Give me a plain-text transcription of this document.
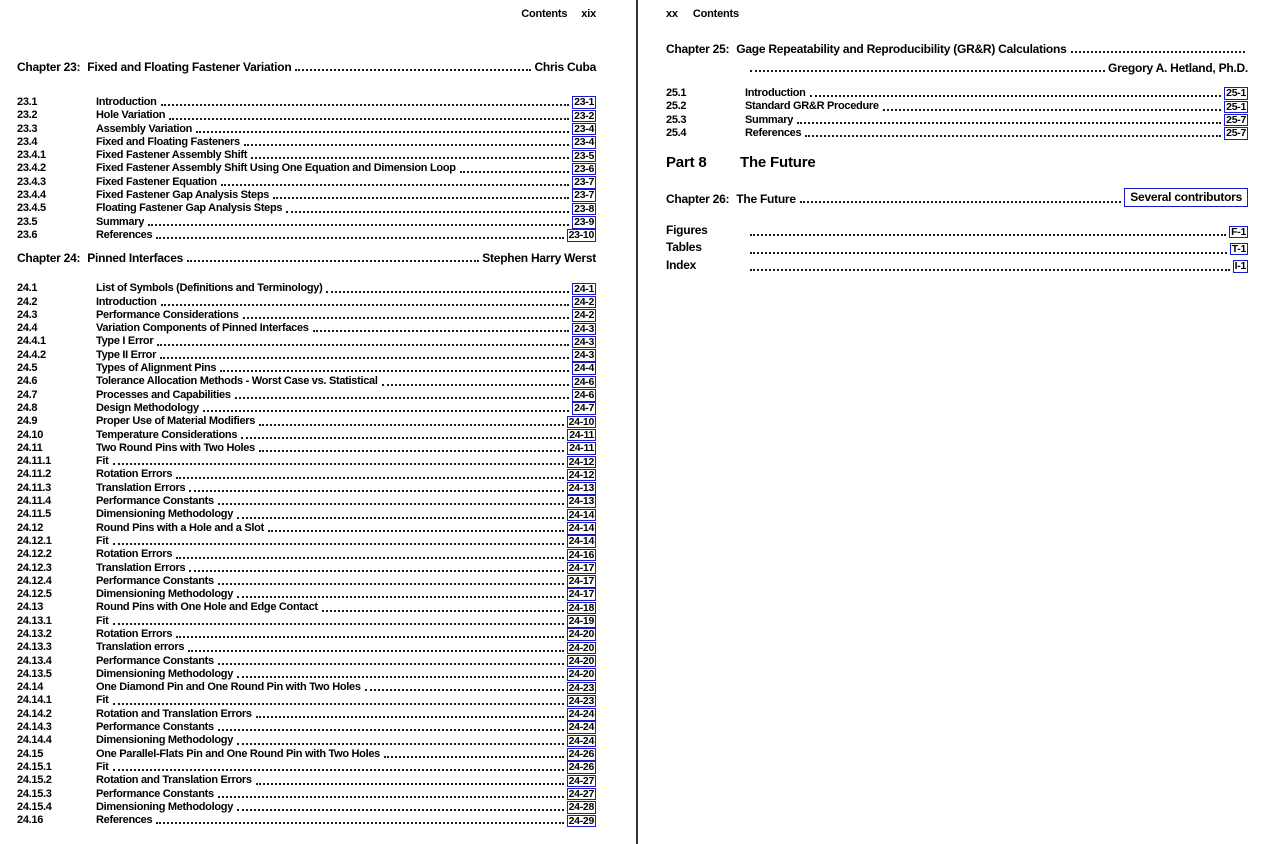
Contents xix
Chapter 23: Fixed and Floating Fastener Variation	Chris Cuba
23.1	Introduction	23-1
23.2	Hole Variation	23-2
23.3	Assembly Variation	23-4
23.4	Fixed and Floating Fasteners	23-4
23.4.1	Fixed Fastener Assembly Shift	23-5
23.4.2	Fixed Fastener Assembly Shift Using One Equation and Dimension Loop	23-6
23.4.3	Fixed Fastener Equation	23-7
23.4.4	Fixed Fastener Gap Analysis Steps	23-7
23.4.5	Floating Fastener Gap Analysis Steps	23-8
23.5	Summary	23-9
23.6	References	23-10
Chapter 24: Pinned Interfaces	Stephen Harry Werst
24.1	List of Symbols (Definitions and Terminology)	24-1
24.2	Introduction	24-2
24.3	Performance Considerations	24-2
24.4	Variation Components of Pinned Interfaces	24-3
24.4.1	Type I Error	24-3
24.4.2	Type II Error	24-3
24.5	Types of Alignment Pins	24-4
24.6	Tolerance Allocation Methods - Worst Case vs. Statistical	24-6
24.7	Processes and Capabilities	24-6
24.8	Design Methodology	24-7
24.9	Proper Use of Material Modifiers	24-10
24.10	Temperature Considerations	24-11
24.11	Two Round Pins with Two Holes	24-11
24.11.1	Fit	24-12
24.11.2	Rotation Errors	24-12
24.11.3	Translation Errors	24-13
24.11.4	Performance Constants	24-13
24.11.5	Dimensioning Methodology	24-14
24.12	Round Pins with a Hole and a Slot	24-14
24.12.1	Fit	24-14
24.12.2	Rotation Errors	24-16
24.12.3	Translation Errors	24-17
24.12.4	Performance Constants	24-17
24.12.5	Dimensioning Methodology	24-17
24.13	Round Pins with One Hole and Edge Contact	24-18
24.13.1	Fit	24-19
24.13.2	Rotation Errors	24-20
24.13.3	Translation errors	24-20
24.13.4	Performance Constants	24-20
24.13.5	Dimensioning Methodology	24-20
24.14	One Diamond Pin and One Round Pin with Two Holes	24-23
24.14.1	Fit	24-23
24.14.2	Rotation and Translation Errors	24-24
24.14.3	Performance Constants	24-24
24.14.4	Dimensioning Methodology	24-24
24.15	One Parallel-Flats Pin and One Round Pin with Two Holes	24-26
24.15.1	Fit	24-26
24.15.2	Rotation and Translation Errors	24-27
24.15.3	Performance Constants	24-27
24.15.4	Dimensioning Methodology	24-28
24.16	References	24-29
xx Contents
Chapter 25: Gage Repeatability and Reproducibility (GR&R) Calculations
Gregory A. Hetland, Ph.D.
25.1	Introduction	25-1
25.2	Standard GR&R Procedure	25-1
25.3	Summary	25-7
25.4	References	25-7
Part 8	The Future
Chapter 26: The Future	Several contributors
Figures	F-1
Tables	T-1
Index	I-1
